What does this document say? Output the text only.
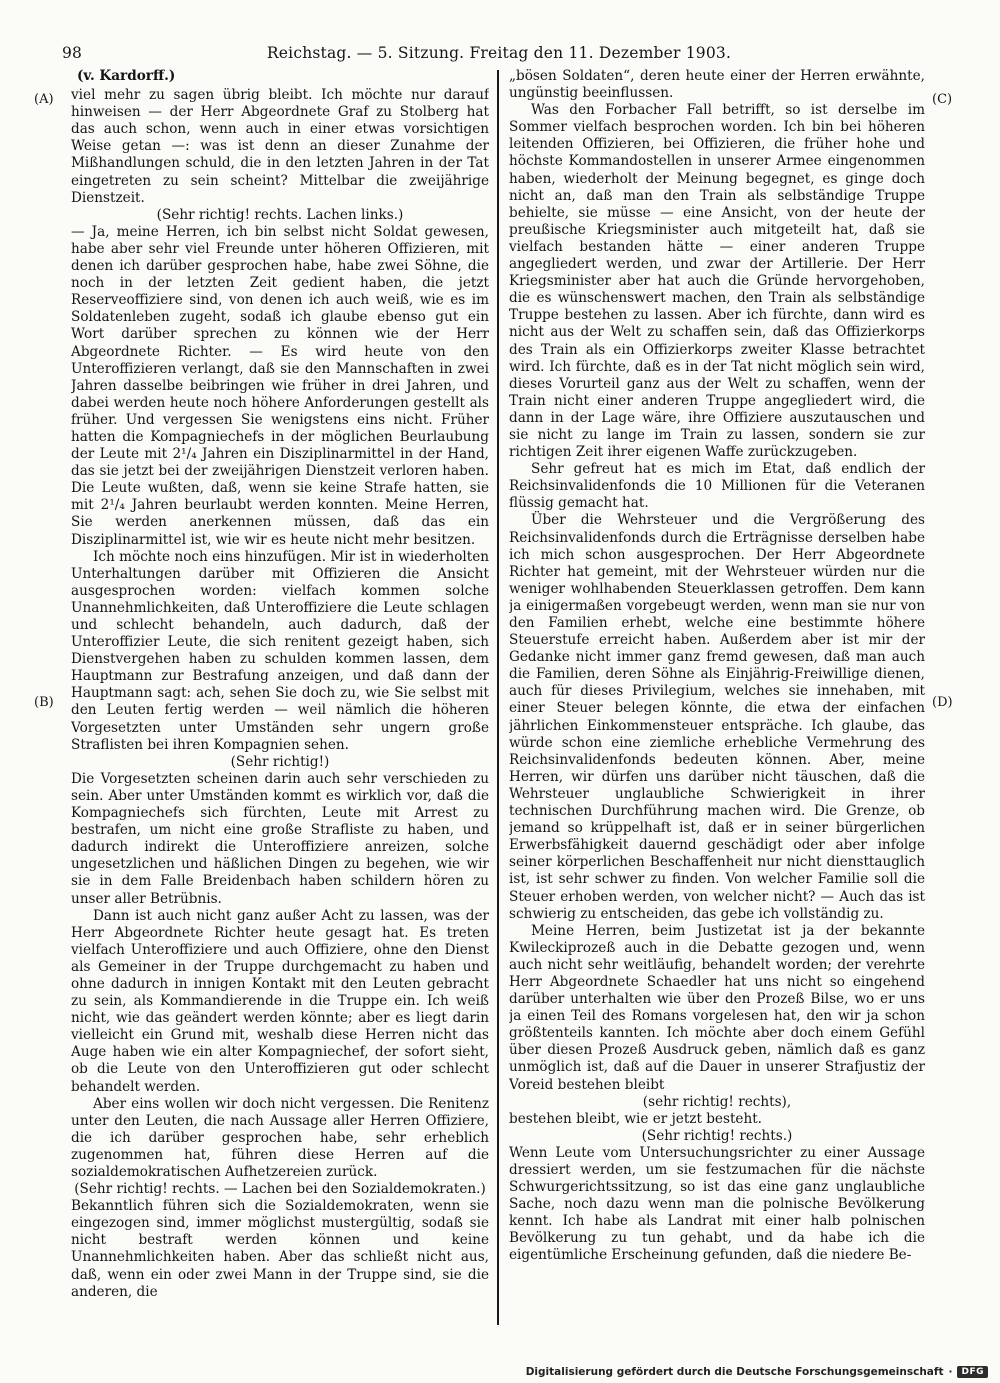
98	Reichstag. — 5. Sitzung. Freitag den 11. Dezember 1903.
(A)
(B)
(C)
(D)
(v. Kardorff.)

viel mehr zu sagen übrig bleibt. Ich möchte nur darauf hinweisen — der Herr Abgeordnete Graf zu Stolberg hat das auch schon, wenn auch in einer etwas vorsichtigen Weise getan —: was ist denn an dieser Zunahme der Mißhandlungen schuld, die in den letzten Jahren in der Tat eingetreten zu sein scheint? Mittelbar die zweijährige Dienstzeit.

(Sehr richtig! rechts. Lachen links.)

— Ja, meine Herren, ich bin selbst nicht Soldat gewesen, habe aber sehr viel Freunde unter höheren Offizieren, mit denen ich darüber gesprochen habe, habe zwei Söhne, die noch in der letzten Zeit gedient haben, die jetzt Reserveoffiziere sind, von denen ich auch weiß, wie es im Soldatenleben zugeht, sodaß ich glaube ebenso gut ein Wort darüber sprechen zu können wie der Herr Abgeordnete Richter. — Es wird heute von den Unteroffizieren verlangt, daß sie den Mannschaften in zwei Jahren dasselbe beibringen wie früher in drei Jahren, und dabei werden heute noch höhere Anforderungen gestellt als früher. Und vergessen Sie wenigstens eins nicht. Früher hatten die Kompagniechefs in der möglichen Beurlaubung der Leute mit 2¹/₄ Jahren ein Disziplinarmittel in der Hand, das sie jetzt bei der zweijährigen Dienstzeit verloren haben. Die Leute wußten, daß, wenn sie keine Strafe hatten, sie mit 2¹/₄ Jahren beurlaubt werden konnten. Meine Herren, Sie werden anerkennen müssen, daß das ein Disziplinarmittel ist, wie wir es heute nicht mehr besitzen.

Ich möchte noch eins hinzufügen. Mir ist in wiederholten Unterhaltungen darüber mit Offizieren die Ansicht ausgesprochen worden: vielfach kommen solche Unannehmlichkeiten, daß Unteroffiziere die Leute schlagen und schlecht behandeln, auch dadurch, daß der Unteroffizier Leute, die sich renitent gezeigt haben, sich Dienstvergehen haben zu schulden kommen lassen, dem Hauptmann zur Bestrafung anzeigen, und daß dann der Hauptmann sagt: ach, sehen Sie doch zu, wie Sie selbst mit den Leuten fertig werden — weil nämlich die höheren Vorgesetzten unter Umständen sehr ungern große Straflisten bei ihren Kompagnien sehen.

(Sehr richtig!)

Die Vorgesetzten scheinen darin auch sehr verschieden zu sein. Aber unter Umständen kommt es wirklich vor, daß die Kompagniechefs sich fürchten, Leute mit Arrest zu bestrafen, um nicht eine große Strafliste zu haben, und dadurch indirekt die Unteroffiziere anreizen, solche ungesetzlichen und häßlichen Dingen zu begehen, wie wir sie in dem Falle Breidenbach haben schildern hören zu unser aller Betrübnis.

Dann ist auch nicht ganz außer Acht zu lassen, was der Herr Abgeordnete Richter heute gesagt hat. Es treten vielfach Unteroffiziere und auch Offiziere, ohne den Dienst als Gemeiner in der Truppe durchgemacht zu haben und ohne dadurch in innigen Kontakt mit den Leuten gebracht zu sein, als Kommandierende in die Truppe ein. Ich weiß nicht, wie das geändert werden könnte; aber es liegt darin vielleicht ein Grund mit, weshalb diese Herren nicht das Auge haben wie ein alter Kompagniechef, der sofort sieht, ob die Leute von den Unteroffizieren gut oder schlecht behandelt werden.

Aber eins wollen wir doch nicht vergessen. Die Renitenz unter den Leuten, die nach Aussage aller Herren Offiziere, die ich darüber gesprochen habe, sehr erheblich zugenommen hat, führen diese Herren auf die sozialdemokratischen Aufhetzereien zurück.

(Sehr richtig! rechts. — Lachen bei den Sozialdemokraten.)

Bekanntlich führen sich die Sozialdemokraten, wenn sie eingezogen sind, immer möglichst mustergültig, sodaß sie nicht bestraft werden können und keine Unannehmlichkeiten haben. Aber das schließt nicht aus, daß, wenn ein oder zwei Mann in der Truppe sind, sie die anderen, die

„bösen Soldaten“, deren heute einer der Herren erwähnte, ungünstig beeinflussen.

Was den Forbacher Fall betrifft, so ist derselbe im Sommer vielfach besprochen worden. Ich bin bei höheren leitenden Offizieren, bei Offizieren, die früher hohe und höchste Kommandostellen in unserer Armee eingenommen haben, wiederholt der Meinung begegnet, es ginge doch nicht an, daß man den Train als selbständige Truppe behielte, sie müsse — eine Ansicht, von der heute der preußische Kriegsminister auch mitgeteilt hat, daß sie vielfach bestanden hätte — einer anderen Truppe angegliedert werden, und zwar der Artillerie. Der Herr Kriegsminister aber hat auch die Gründe hervorgehoben, die es wünschenswert machen, den Train als selbständige Truppe bestehen zu lassen. Aber ich fürchte, dann wird es nicht aus der Welt zu schaffen sein, daß das Offizierkorps des Train als ein Offizierkorps zweiter Klasse betrachtet wird. Ich fürchte, daß es in der Tat nicht möglich sein wird, dieses Vorurteil ganz aus der Welt zu schaffen, wenn der Train nicht einer anderen Truppe angegliedert wird, die dann in der Lage wäre, ihre Offiziere auszutauschen und sie nicht zu lange im Train zu lassen, sondern sie zur richtigen Zeit ihrer eigenen Waffe zurückzugeben.

Sehr gefreut hat es mich im Etat, daß endlich der Reichsinvalidenfonds die 10 Millionen für die Veteranen flüssig gemacht hat.

Über die Wehrsteuer und die Vergrößerung des Reichsinvalidenfonds durch die Erträgnisse derselben habe ich mich schon ausgesprochen. Der Herr Abgeordnete Richter hat gemeint, mit der Wehrsteuer würden nur die weniger wohlhabenden Steuerklassen getroffen. Dem kann ja einigermaßen vorgebeugt werden, wenn man sie nur von den Familien erhebt, welche eine bestimmte höhere Steuerstufe erreicht haben. Außerdem aber ist mir der Gedanke nicht immer ganz fremd gewesen, daß man auch die Familien, deren Söhne als Einjährig-Freiwillige dienen, auch für dieses Privilegium, welches sie innehaben, mit einer Steuer belegen könnte, die etwa der einfachen jährlichen Einkommensteuer entspräche. Ich glaube, das würde schon eine ziemliche erhebliche Vermehrung des Reichsinvalidenfonds bedeuten können. Aber, meine Herren, wir dürfen uns darüber nicht täuschen, daß die Wehrsteuer unglaubliche Schwierigkeit in ihrer technischen Durchführung machen wird. Die Grenze, ob jemand so krüppelhaft ist, daß er in seiner bürgerlichen Erwerbsfähigkeit dauernd geschädigt oder aber infolge seiner körperlichen Beschaffenheit nur nicht diensttauglich ist, ist sehr schwer zu finden. Von welcher Familie soll die Steuer erhoben werden, von welcher nicht? — Auch das ist schwierig zu entscheiden, das gebe ich vollständig zu.

Meine Herren, beim Justizetat ist ja der bekannte Kwileckiprozeß auch in die Debatte gezogen und, wenn auch nicht sehr weitläufig, behandelt worden; der verehrte Herr Abgeordnete Schaedler hat uns nicht so eingehend darüber unterhalten wie über den Prozeß Bilse, wo er uns ja einen Teil des Romans vorgelesen hat, den wir ja schon größtenteils kannten. Ich möchte aber doch einem Gefühl über diesen Prozeß Ausdruck geben, nämlich daß es ganz unmöglich ist, daß auf die Dauer in unserer Strafjustiz der Voreid bestehen bleibt

(sehr richtig! rechts),

bestehen bleibt, wie er jetzt besteht.

(Sehr richtig! rechts.)

Wenn Leute vom Untersuchungsrichter zu einer Aussage dressiert werden, um sie festzumachen für die nächste Schwurgerichtssitzung, so ist das eine ganz unglaubliche Sache, noch dazu wenn man die polnische Bevölkerung kennt. Ich habe als Landrat mit einer halb polnischen Bevölkerung zu tun gehabt, und da habe ich die eigentümliche Erscheinung gefunden, daß die niedere Be-

Digitalisierung gefördert durch die Deutsche Forschungsgemeinschaft ·	DFG
